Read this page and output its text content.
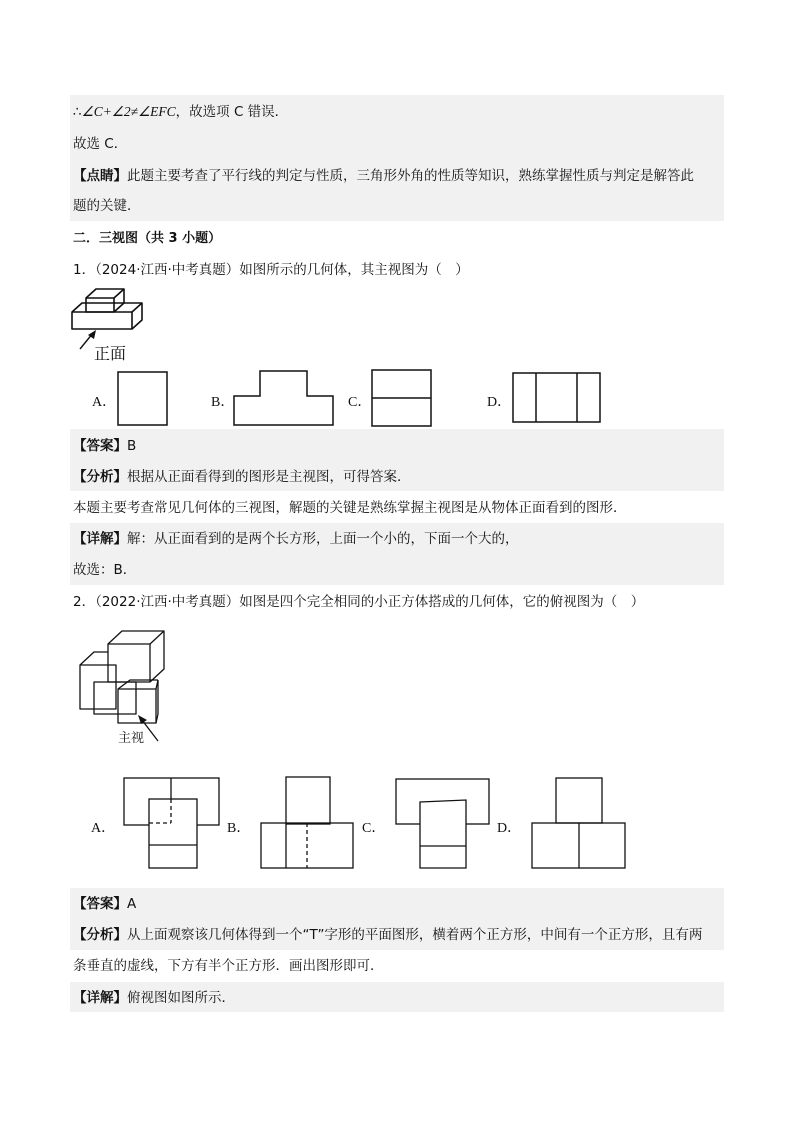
∴∠C+∠2≠∠EFC，故选项 C 错误．
故选 C．
【点睛】此题主要考查了平行线的判定与性质，三角形外角的性质等知识，熟练掌握性质与判定是解答此
题的关键．
二．三视图（共 3 小题）
1．（2024·江西·中考真题）如图所示的几何体，其主视图为（　）
正面
A．	B．	C．	D．
【答案】B
【分析】根据从正面看得到的图形是主视图，可得答案．
本题主要考查常见几何体的三视图，解题的关键是熟练掌握主视图是从物体正面看到的图形．
【详解】解：从正面看到的是两个长方形，上面一个小的，下面一个大的，
故选：B．
2．（2022·江西·中考真题）如图是四个完全相同的小正方体搭成的几何体，它的俯视图为（　）
主视
A．	B．	C．	D．
【答案】A
【分析】从上面观察该几何体得到一个“T”字形的平面图形，横着两个正方形，中间有一个正方形，且有两
条垂直的虚线，下方有半个正方形．画出图形即可．
【详解】俯视图如图所示．
